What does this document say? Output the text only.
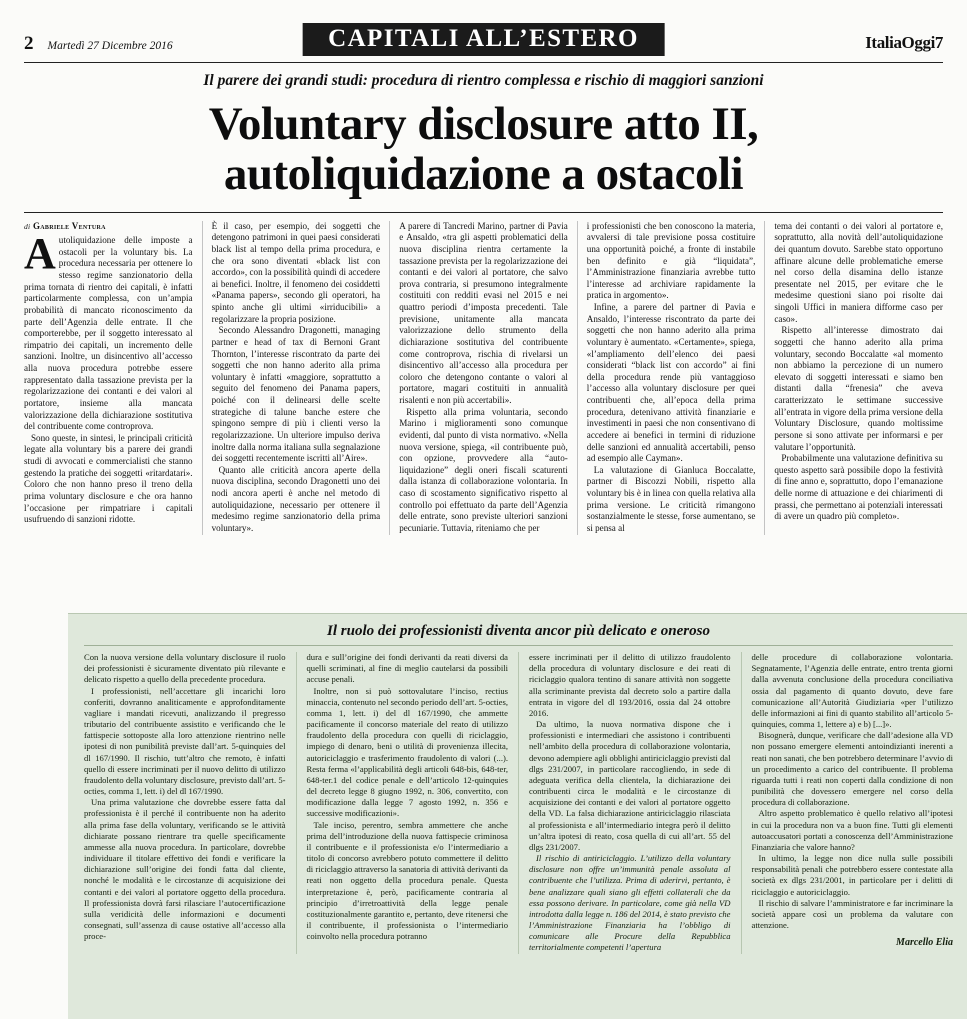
2	Martedì 27 Dicembre 2016	CAPITALI ALL’ESTERO	ItaliaOggi7
Il parere dei grandi studi: procedura di rientro complessa e rischio di maggiori sanzioni
Voluntary disclosure atto II,
autoliquidazione a ostacoli
di Gabriele Ventura

Autoliquidazione delle imposte a ostacoli per la voluntary bis. La procedura necessaria per ottenere lo stesso regime sanzionatorio della prima tornata di rientro dei capitali, è infatti particolarmente complessa, con un’ampia probabilità di mancato riconoscimento da parte dell’Agenzia delle entrate. Il che comporterebbe, per il soggetto interessato al rimpatrio dei capitali, un incremento delle sanzioni. Inoltre, un disincentivo all’accesso alla nuova procedura potrebbe essere rappresentato dalla tassazione prevista per la regolarizzazione dei contanti e dei valori al portatore, insieme alla mancata valorizzazione della dichiarazione sostitutiva del contribuente come controprova.

Sono queste, in sintesi, le principali criticità legate alla voluntary bis a parere dei grandi studi di avvocati e commercialisti che stanno gestendo la pratiche dei soggetti «ritardatari». Coloro che non hanno preso il treno della prima voluntary disclosure e che ora hanno l’occasione per rimpatriare i capitali usufruendo di sanzioni ridotte.

È il caso, per esempio, dei soggetti che detengono patrimoni in quei paesi considerati black list al tempo della prima procedura, e che ora sono diventati «black list con accordo», con la possibilità quindi di accedere ai benefici. Inoltre, il fenomeno dei cosiddetti «Panama papers», secondo gli operatori, ha spinto anche gli ultimi «irriducibili» a regolarizzare la propria posizione.

Secondo Alessandro Dragonetti, managing partner e head of tax di Bernoni Grant Thornton, l’interesse riscontrato da parte dei soggetti che non hanno aderito alla prima voluntary è infatti «maggiore, soprattutto a seguito del fenomeno dei Panama papers, poiché con il delinearsi delle scelte strategiche di talune banche estere che spingono sempre di più i clienti verso la regolarizzazione. Un ulteriore impulso deriva inoltre dalla norma italiana sulla segnalazione dei soggetti recentemente iscritti all’Aire».

Quanto alle criticità ancora aperte della nuova disciplina, secondo Dragonetti uno dei nodi ancora aperti è anche nel metodo di autoliquidazione, necessario per ottenere il medesimo regime sanzionatorio della prima voluntary».

A parere di Tancredi Marino, partner di Pavia e Ansaldo, «tra gli aspetti problematici della nuova disciplina rientra certamente la tassazione prevista per la regolarizzazione dei contanti e dei valori al portatore, che salvo prova contraria, si presumono integralmente costituiti con redditi evasi nel 2015 e nei quattro periodi d’imposta precedenti. Tale previsione, unitamente alla mancata valorizzazione dello strumento della dichiarazione sostitutiva del contribuente come controprova, rischia di rivelarsi un disincentivo all’accesso alla procedura per coloro che detengono contante o valori al portatore, magari costituiti in annualità risalenti e non più accertabili».

Rispetto alla prima voluntaria, secondo Marino i miglioramenti sono comunque evidenti, dal punto di vista normativo. «Nella nuova versione, spiega, «il contribuente può, con opzione, provvedere alla “auto-liquidazione” degli oneri fiscali scaturenti dalla istanza di collaborazione volontaria. In caso di scostamento significativo rispetto al controllo poi effettuato da parte dell’Agenzia delle entrate, sono previste ulteriori sanzioni pecuniarie. Tuttavia, riteniamo che per

i professionisti che ben conoscono la materia, avvalersi di tale previsione possa costituire una opportunità poiché, a fronte di instabile ben definito e già “liquidata”, l’Amministrazione finanziaria avrebbe tutto l’interesse ad archiviare rapidamente la pratica in argomento».

Infine, a parere del partner di Pavia e Ansaldo, l’interesse riscontrato da parte dei soggetti che non hanno aderito alla prima voluntary è aumentato. «Certamente», spiega, «l’ampliamento dell’elenco dei paesi considerati “black list con accordo” ai fini della procedura rende più vantaggioso l’accesso alla voluntary disclosure per quei contribuenti che, all’epoca della prima procedura, detenivano attività finanziarie e investimenti in paesi che non consentivano di accedere ai benefici in termini di riduzione delle sanzioni ed annualità accertabili, penso ad esempio alle Cayman».

La valutazione di Gianluca Boccalatte, partner di Biscozzi Nobili, rispetto alla voluntary bis è in linea con quella relativa alla prima versione. Le criticità rimangono sostanzialmente le stesse, forse aumentano, se si pensa al

tema dei contanti o dei valori al portatore e, soprattutto, alla novità dell’autoliquidazione dei quantum dovuto. Sarebbe stato opportuno affinare alcune delle problematiche emerse nel corso della disamina dello istanze presentate nel 2015, per evitare che le medesime questioni siano poi risolte dai singoli Uffici in maniera difforme caso per caso».

Rispetto all’interesse dimostrato dai soggetti che hanno aderito alla prima voluntary, secondo Boccalatte «al momento non abbiamo la percezione di un numero elevato di soggetti interessati e siamo ben distanti dalla “frenesia” che aveva caratterizzato le settimane successive all’entrata in vigore della prima versione della Voluntary Disclosure, quando moltissime persone si sono attivate per informarsi e per valutare l’opportunità.

Probabilmente una valutazione definitiva su questo aspetto sarà possibile dopo la festività di fine anno e, soprattutto, dopo l’emanazione delle norme di attuazione e dei chiarimenti di prassi, che permettano ai potenziali interessati di avere un quadro più completo».

Il ruolo dei professionisti diventa ancor più delicato e oneroso

Con la nuova versione della voluntary disclosure il ruolo dei professionisti è sicuramente diventato più rilevante e delicato rispetto a quello della precedente procedura.

I professionisti, nell’accettare gli incarichi loro conferiti, dovranno analiticamente e approfonditamente vagliare i mandati ricevuti, analizzando il pregresso tributario del contribuente assistito e verificando che le fattispecie sottoposte alla loro attenzione rientrino nelle ipotesi di non punibilità previste dall’art. 5-quinquies del dl 167/1990. Il rischio, tutt’altro che remoto, è infatti quello di essere incriminati per il nuovo delitto di utilizzo fraudolento della voluntary disclosure, previsto dall’art. 5-octies, comma 1, lett. i) del dl 167/1990.

Una prima valutazione che dovrebbe essere fatta dal professionista è il perché il contribuente non ha aderito alla prima fase della voluntary, verificando se le attività dichiarate possano rientrare tra quelle specificamente ammesse alla nuova procedura. In particolare, dovrebbe individuare il titolare effettivo dei fondi e verificare la dichiarazione sull’origine dei fondi fatta dal cliente, nonché le modalità e le circostanze di acquisizione dei contanti e dei valori al portatore oggetto della procedura. Il professionista dovrà farsi rilasciare l’autocertificazione sulla veridicità delle informazioni e documenti consegnati, sull’assenza di cause ostative all’accesso alla proce-

dura e sull’origine dei fondi derivanti da reati diversi da quelli scriminati, al fine di meglio cautelarsi da possibili accuse penali.

Inoltre, non si può sottovalutare l’inciso, rectius minaccia, contenuto nel secondo periodo dell’art. 5-octies, comma 1, lett. i) del dl 167/1990, che ammette pacificamente il concorso materiale del reato di utilizzo fraudolento della procedura con quelli di riciclaggio, impiego di denaro, beni o utilità di provenienza illecita, autoriciclaggio e trasferimento fraudolento di valori (...). Resta ferma «l’applicabilità degli articoli 648-bis, 648-ter, 648-ter.1 del codice penale e dell’articolo 12-quinquies del decreto legge 8 giugno 1992, n. 306, convertito, con modificazione dalla legge 7 agosto 1992, n. 356 e successive modificazioni».

Tale inciso, perentro, sembra ammettere che anche prima dell’introduzione della nuova fattispecie criminosa il contribuente e il professionista e/o l’intermediario a titolo di concorso avrebbero potuto commettere il delitto di riciclaggio attraverso la sanatoria di attività derivanti da reati non oggetto della procedura penale. Questa interpretazione è, però, pacificamente contraria al principio d’irretroattività della legge penale costituzionalmente garantito e, pertanto, deve ritenersi che il contribuente, il professionista o l’intermediario coinvolto nella procedura potranno

essere incriminati per il delitto di utilizzo fraudolento della procedura di voluntary disclosure e dei reati di riciclaggio qualora tentino di sanare attività non soggette alla scriminante prevista dal decreto solo a partire dalla entrata in vigore del dl 193/2016, ossia dal 24 ottobre 2016.

Da ultimo, la nuova normativa dispone che i professionisti e intermediari che assistono i contribuenti nell’ambito della procedura di collaborazione volontaria, devono adempiere agli obblighi antiriciclaggio previsti dal dlgs 231/2007, in particolare raccogliendo, in sede di adeguata verifica della clientela, la dichiarazione dei contribuenti circa le modalità e le circostanze di acquisizione dei contanti e dei valori al portatore oggetto della VD. La falsa dichiarazione antiriciclaggio rilasciata al professionista e all’intermediario integra però il delitto un’altra ipotesi di reato, cosa quella di cui all’art. 55 del dlgs 231/2007.

Il rischio di antiriciclaggio. L’utilizzo della voluntary disclosure non offre un’immunità penale assoluta al contribuente che l’utilizza. Prima di aderirvi, pertanto, è bene analizzare quali siano gli effetti collaterali che da essa possono derivare. In particolare, come già nella VD introdotta dalla legge n. 186 del 2014, è stato previsto che l’Amministrazione Finanziaria ha l’obbligo di comunicare alle Procure della Repubblica territorialmente competenti l’apertura

delle procedure di collaborazione volontaria. Segnatamente, l’Agenzia delle entrate, entro trenta giorni dalla avvenuta conclusione della procedura conciliativa ossia dal pagamento di quanto dovuto, deve fare comunicazione all’Autorità Giudiziaria «per l’utilizzo delle informazioni ai fini di quanto stabilito all’articolo 5-quinquies, comma 1, lettere a) e b) [...]».

Bisognerà, dunque, verificare che dall’adesione alla VD non possano emergere elementi antoindizianti inerenti a reati non sanati, che ben potrebbero determinare l’avvio di un procedimento a carico del contribuente. Il problema riguarda tutti i reati non coperti dalla condizione di non punibilità che dovessero emergere nel corso della procedura di collaborazione.

Altro aspetto problematico è quello relativo all’ipotesi in cui la procedura non va a buon fine. Tutti gli elementi autoaccusatori portati a conoscenza dell’Amministrazione Finanziaria che valore hanno?

In ultimo, la legge non dice nulla sulle possibili responsabilità penali che potrebbero essere contestate alla società ex dlgs 231/2001, in particolare per i delitti di riciclaggio e autoriciclaggio.

Il rischio di salvare l’amministratore e far incriminare la società appare così un problema da valutare con attenzione.

Marcello Elia
